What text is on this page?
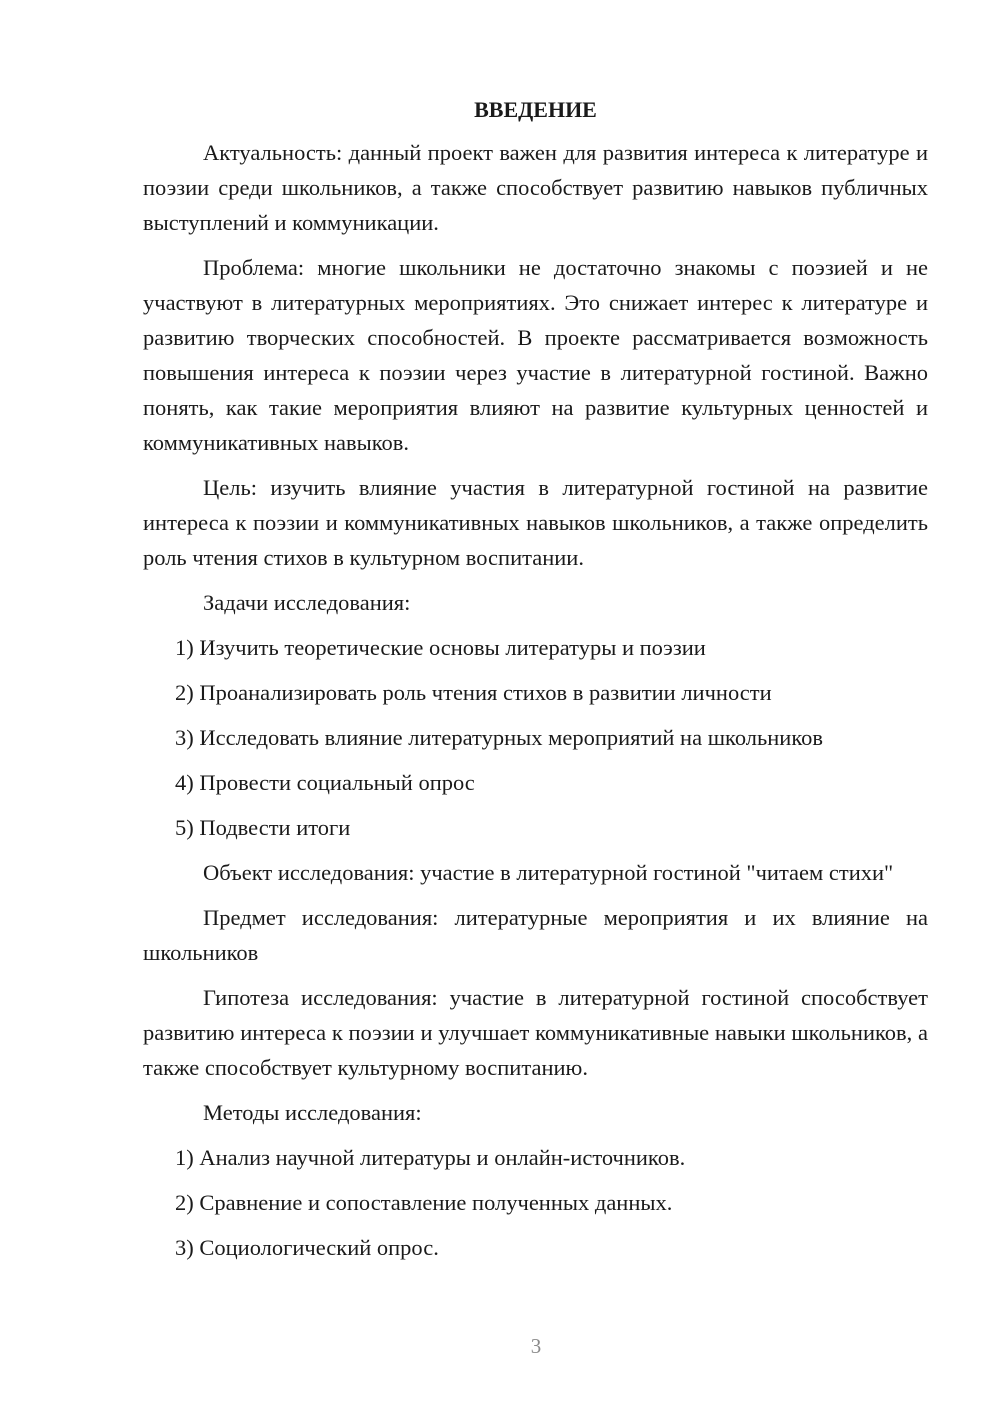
ВВЕДЕНИЕ

Актуальность: данный проект важен для развития интереса к литературе и поэзии среди школьников, а также способствует развитию навыков публичных выступлений и коммуникации.

Проблема: многие школьники не достаточно знакомы с поэзией и не участвуют в литературных мероприятиях. Это снижает интерес к литературе и развитию творческих способностей. В проекте рассматривается возможность повышения интереса к поэзии через участие в литературной гостиной. Важно понять, как такие мероприятия влияют на развитие культурных ценностей и коммуникативных навыков.

Цель: изучить влияние участия в литературной гостиной на развитие интереса к поэзии и коммуникативных навыков школьников, а также определить роль чтения стихов в культурном воспитании.

Задачи исследования:
1) Изучить теоретические основы литературы и поэзии
2) Проанализировать роль чтения стихов в развитии личности
3) Исследовать влияние литературных мероприятий на школьников
4) Провести социальный опрос
5) Подвести итоги

Объект исследования: участие в литературной гостиной "читаем стихи"

Предмет исследования: литературные мероприятия и их влияние на школьников

Гипотеза исследования: участие в литературной гостиной способствует развитию интереса к поэзии и улучшает коммуникативные навыки школьников, а также способствует культурному воспитанию.

Методы исследования:
1) Анализ научной литературы и онлайн-источников.
2) Сравнение и сопоставление полученных данных.
3) Социологический опрос.
3
